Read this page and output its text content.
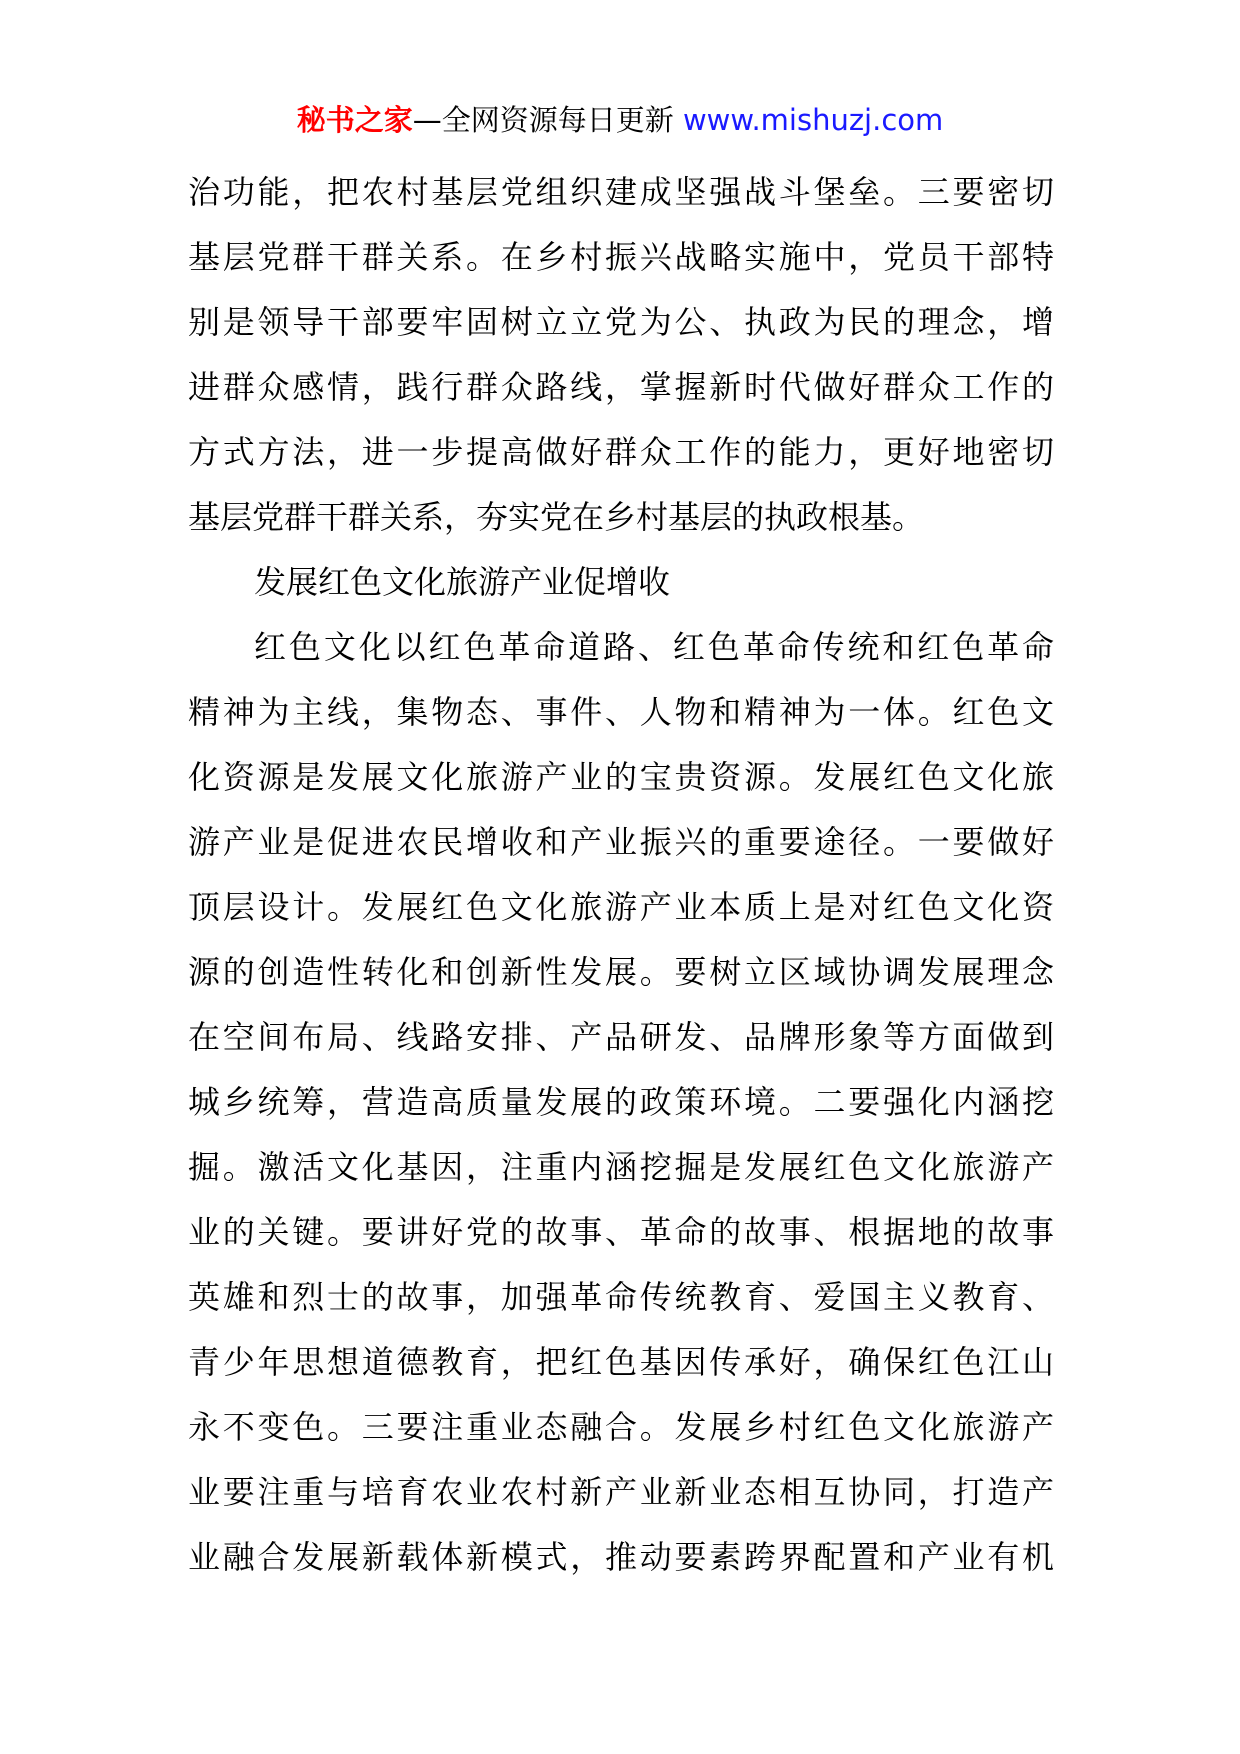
秘书之家—全网资源每日更新 www.mishuzj.com
治功能，把农村基层党组织建成坚强战斗堡垒。三要密切
基层党群干群关系。在乡村振兴战略实施中，党员干部特
别是领导干部要牢固树立立党为公、执政为民的理念，增
进群众感情，践行群众路线，掌握新时代做好群众工作的
方式方法，进一步提高做好群众工作的能力，更好地密切
基层党群干群关系，夯实党在乡村基层的执政根基。
发展红色文化旅游产业促增收
红色文化以红色革命道路、红色革命传统和红色革命
精神为主线，集物态、事件、人物和精神为一体。红色文
化资源是发展文化旅游产业的宝贵资源。发展红色文化旅
游产业是促进农民增收和产业振兴的重要途径。一要做好
顶层设计。发展红色文化旅游产业本质上是对红色文化资
源的创造性转化和创新性发展。要树立区域协调发展理念
在空间布局、线路安排、产品研发、品牌形象等方面做到
城乡统筹，营造高质量发展的政策环境。二要强化内涵挖
掘。激活文化基因，注重内涵挖掘是发展红色文化旅游产
业的关键。要讲好党的故事、革命的故事、根据地的故事
英雄和烈士的故事，加强革命传统教育、爱国主义教育、
青少年思想道德教育，把红色基因传承好，确保红色江山
永不变色。三要注重业态融合。发展乡村红色文化旅游产
业要注重与培育农业农村新产业新业态相互协同，打造产
业融合发展新载体新模式，推动要素跨界配置和产业有机
